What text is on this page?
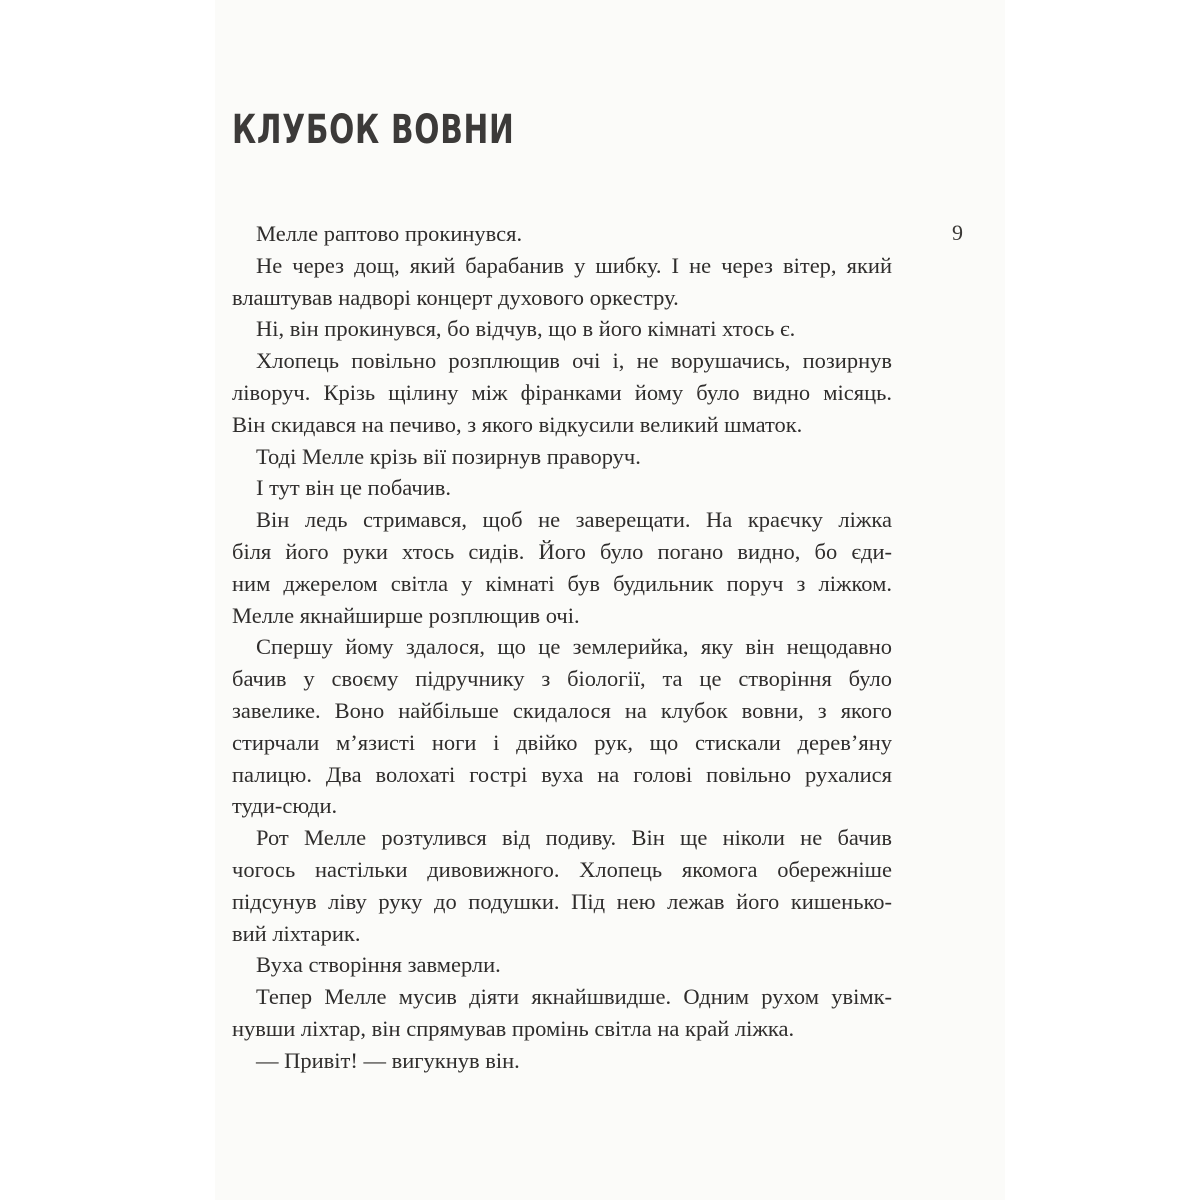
КЛУБОК ВОВНИ
9
Мелле раптово прокинувся.
Не через дощ, який барабанив у шибку. І не через вітер, який
влаштував надворі концерт духового оркестру.
Ні, він прокинувся, бо відчув, що в його кімнаті хтось є.
Хлопець повільно розплющив очі і, не ворушачись, позирнув
ліворуч. Крізь щілину між фіранками йому було видно місяць.
Він скидався на печиво, з якого відкусили великий шматок.
Тоді Мелле крізь вії позирнув праворуч.
І тут він це побачив.
Він ледь стримався, щоб не заверещати. На краєчку ліжка
біля його руки хтось сидів. Його було погано видно, бо єди-
ним джерелом світла у кімнаті був будильник поруч з ліжком.
Мелле якнайширше розплющив очі.
Спершу йому здалося, що це землерийка, яку він нещодавно
бачив у своєму підручнику з біології, та це створіння було
завелике. Воно найбільше скидалося на клубок вовни, з якого
стирчали м’язисті ноги і двійко рук, що стискали дерев’яну
палицю. Два волохаті гострі вуха на голові повільно рухалися
туди-сюди.
Рот Мелле розтулився від подиву. Він ще ніколи не бачив
чогось настільки дивовижного. Хлопець якомога обережніше
підсунув ліву руку до подушки. Під нею лежав його кишенько-
вий ліхтарик.
Вуха створіння завмерли.
Тепер Мелле мусив діяти якнайшвидше. Одним рухом увімк-
нувши ліхтар, він спрямував промінь світла на край ліжка.
— Привіт! — вигукнув він.
